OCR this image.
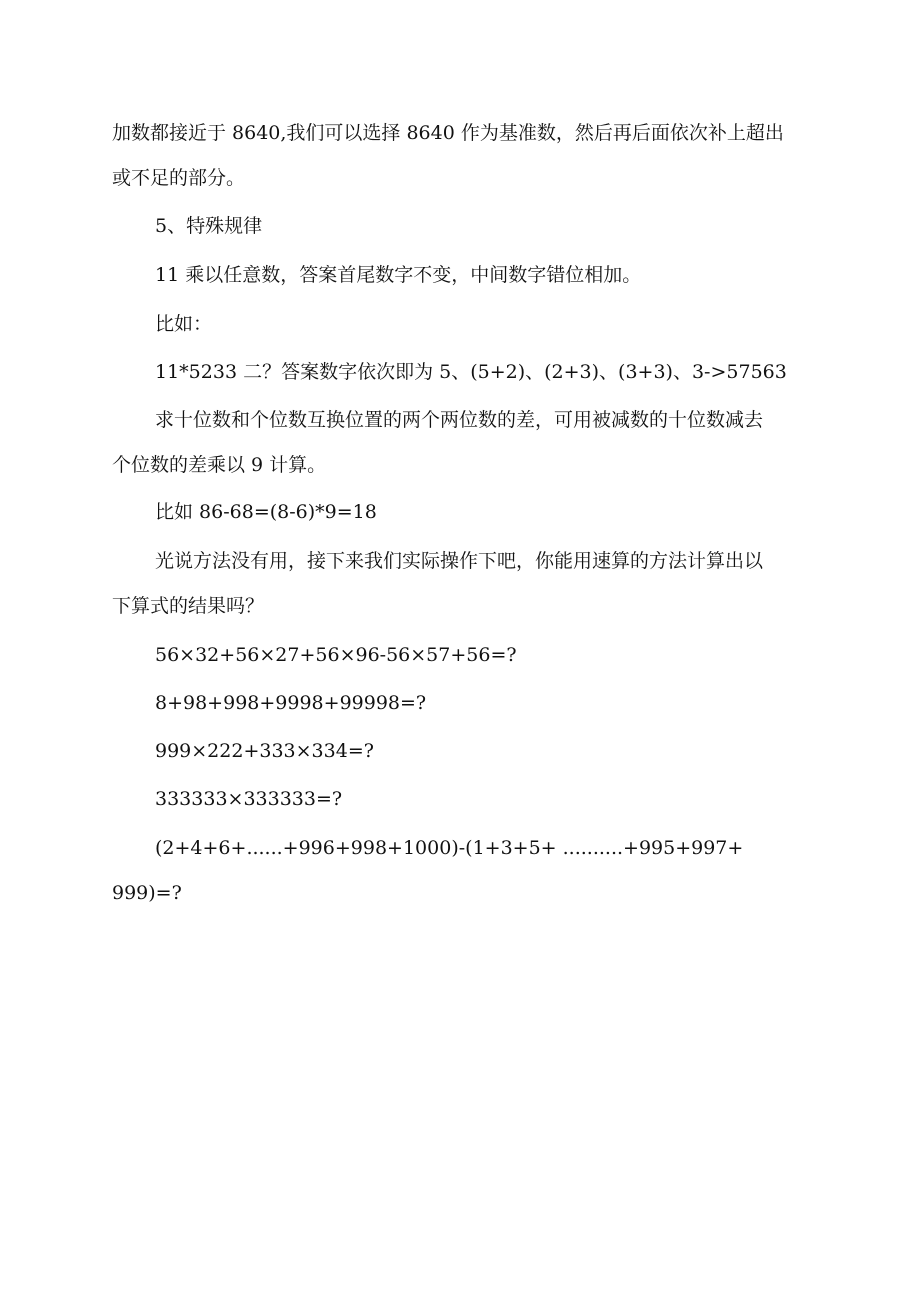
加数都接近于 8640,我们可以选择 8640 作为基准数，然后再后面依次补上超出
或不足的部分。
5、特殊规律
11 乘以任意数，答案首尾数字不变，中间数字错位相加。
比如：
11*5233 二？答案数字依次即为 5、(5+2)、(2+3)、(3+3)、3->57563
求十位数和个位数互换位置的两个两位数的差，可用被减数的十位数减去
个位数的差乘以 9 计算。
比如 86-68=(8-6)*9=18
光说方法没有用，接下来我们实际操作下吧，你能用速算的方法计算出以
下算式的结果吗？
56×32+56×27+56×96-56×57+56=?
8+98+998+9998+99998=?
999×222+333×334=?
333333×333333=?
(2+4+6+......+996+998+1000)-(1+3+5+ ..........+995+997+
999)=?
